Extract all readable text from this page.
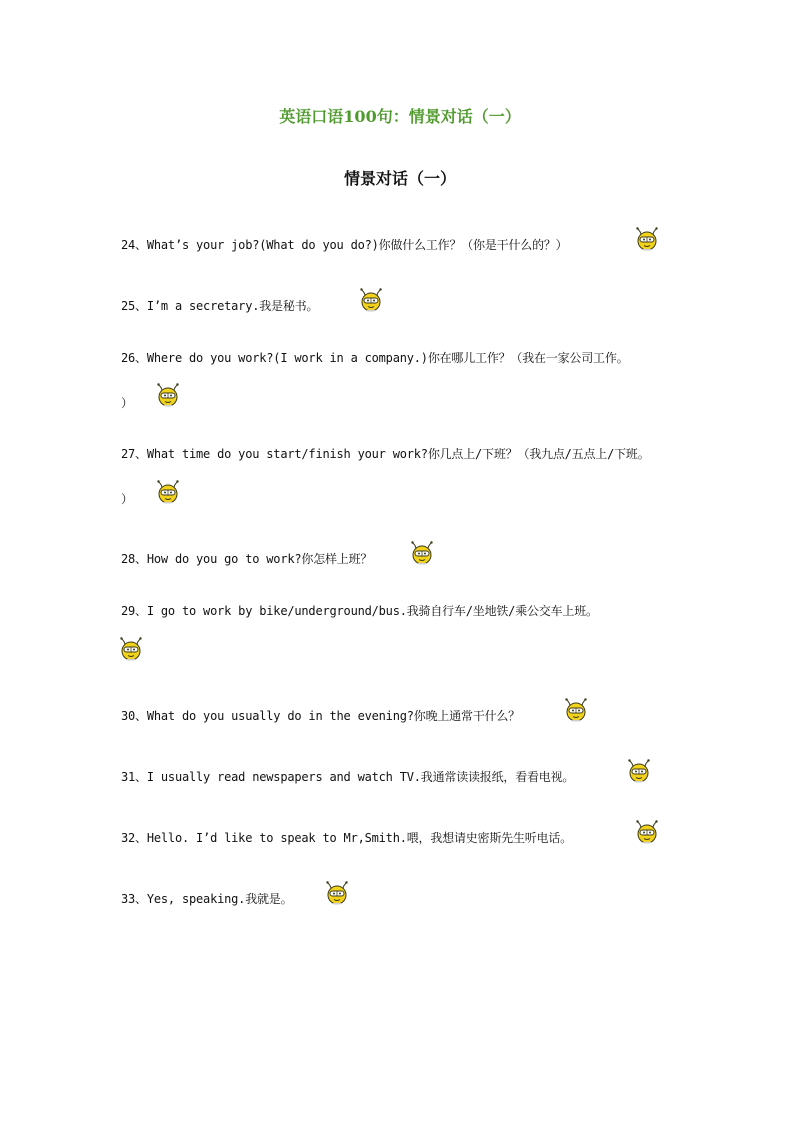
英语口语100句：情景对话（一）
情景对话（一）
24、What’s your job?(What do you do?)你做什么工作？（你是干什么的？）
25、I’m a secretary.我是秘书。
26、Where do you work?(I work in a company.)你在哪儿工作？（我在一家公司工作。
）
27、What time do you start/finish your work?你几点上/下班？（我九点/五点上/下班。
）
28、How do you go to work?你怎样上班？
29、I go to work by bike/underground/bus.我骑自行车/坐地铁/乘公交车上班。
30、What do you usually do in the evening?你晚上通常干什么？
31、I usually read newspapers and watch TV.我通常读读报纸，看看电视。
32、Hello. I’d like to speak to Mr,Smith.喂，我想请史密斯先生听电话。
33、Yes, speaking.我就是。
